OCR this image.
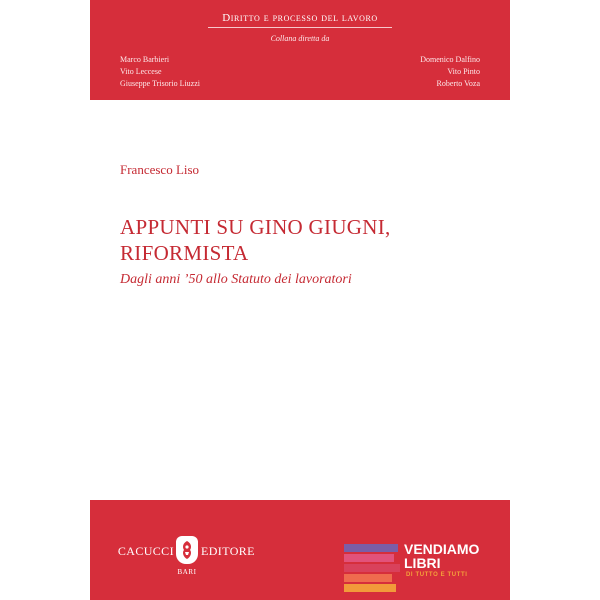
Diritto e processo del lavoro
Collana diretta da
Marco Barbieri
Vito Leccese
Giuseppe Trisorio Liuzzi
Domenico Dalfino
Vito Pinto
Roberto Voza
Francesco Liso
APPUNTI SU GINO GIUGNI,
RIFORMISTA
Dagli anni ’50 allo Statuto dei lavoratori
CACUCCI EDITORE
BARI
VENDIAMO
LIBRI
DI TUTTO E TUTTI
